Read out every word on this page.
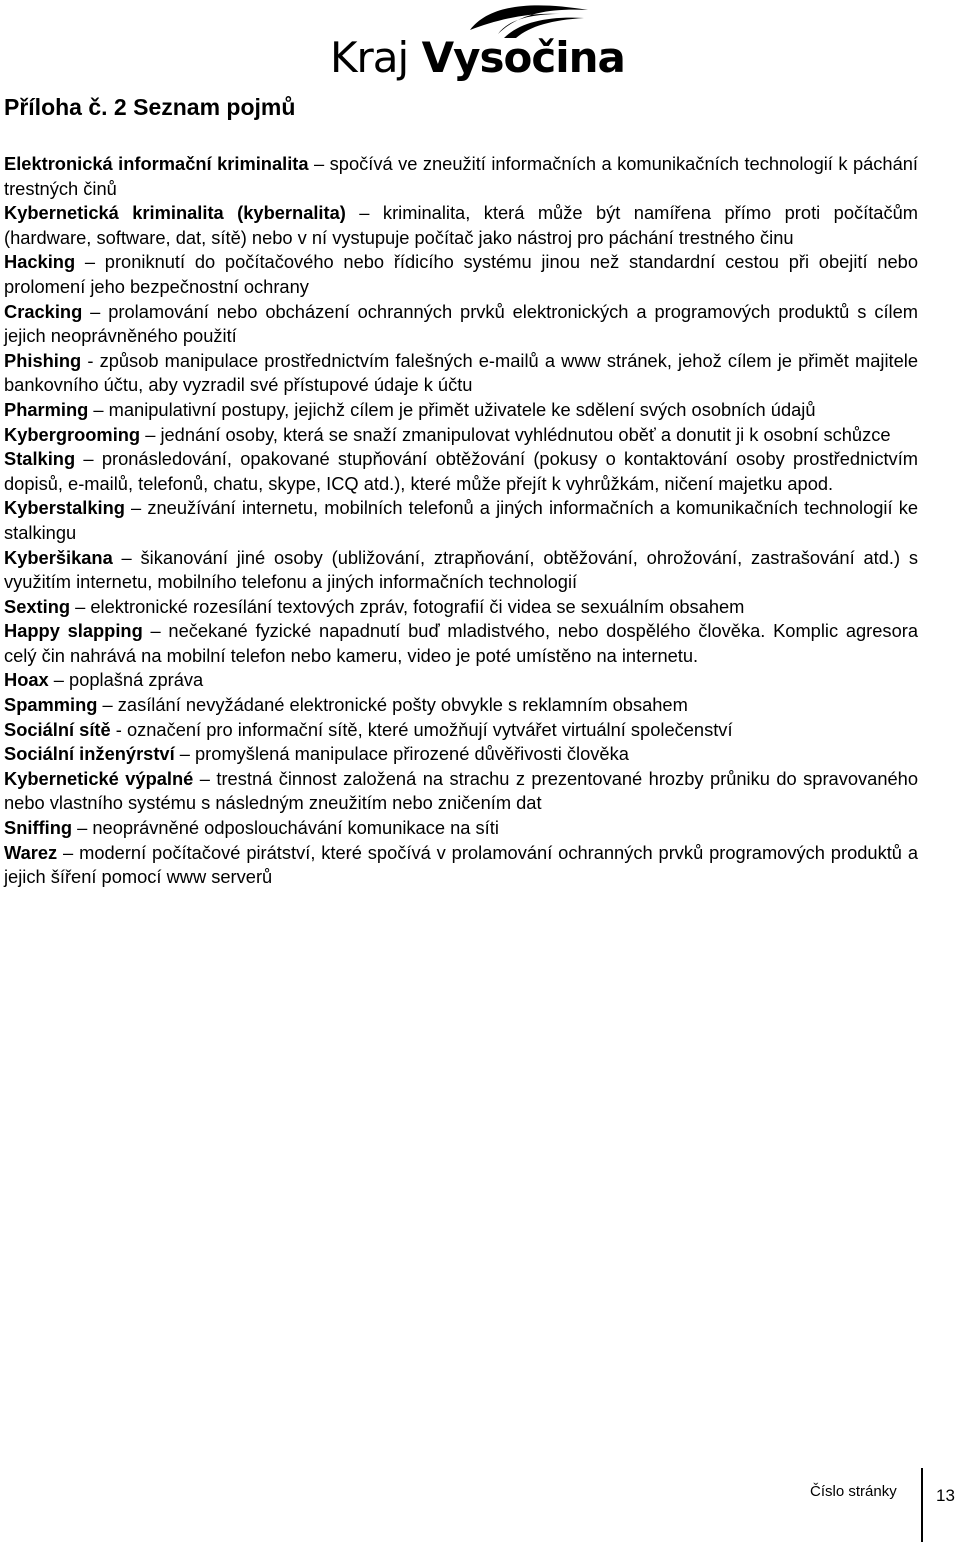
Kraj Vysočina
Příloha č. 2 Seznam pojmů

Elektronická informační kriminalita – spočívá ve zneužití informačních a komunikačních technologií k páchání trestných činů

Kybernetická kriminalita (kybernalita) – kriminalita, která může být namířena přímo proti počítačům (hardware, software, dat, sítě) nebo v ní vystupuje počítač jako nástroj pro páchání trestného činu

Hacking – proniknutí do počítačového nebo řídicího systému jinou než standardní cestou při obejití nebo prolomení jeho bezpečnostní ochrany

Cracking – prolamování nebo obcházení ochranných prvků elektronických a programových produktů s cílem jejich neoprávněného použití

Phishing - způsob manipulace prostřednictvím falešných e-mailů a www stránek, jehož cílem je přimět majitele bankovního účtu, aby vyzradil své přístupové údaje k účtu

Pharming – manipulativní postupy, jejichž cílem je přimět uživatele ke sdělení svých osobních údajů

Kybergrooming – jednání osoby, která se snaží zmanipulovat vyhlédnutou oběť a donutit ji k osobní schůzce

Stalking – pronásledování, opakované stupňování obtěžování (pokusy o kontaktování osoby prostřednictvím dopisů, e-mailů, telefonů, chatu, skype, ICQ atd.), které může přejít k vyhrůžkám, ničení majetku apod.

Kyberstalking – zneužívání internetu, mobilních telefonů a jiných informačních a komunikačních technologií ke stalkingu

Kyberšikana – šikanování jiné osoby (ubližování, ztrapňování, obtěžování, ohrožování, zastrašování atd.) s využitím internetu, mobilního telefonu a jiných informačních technologií

Sexting – elektronické rozesílání textových zpráv, fotografií či videa se sexuálním obsahem

Happy slapping – nečekané fyzické napadnutí buď mladistvého, nebo dospělého člověka. Komplic agresora celý čin nahrává na mobilní telefon nebo kameru, video je poté umístěno na internetu.

Hoax – poplašná zpráva

Spamming – zasílání nevyžádané elektronické pošty obvykle s reklamním obsahem

Sociální sítě - označení pro informační sítě, které umožňují vytvářet virtuální společenství

Sociální inženýrství – promyšlená manipulace přirozené důvěřivosti člověka

Kybernetické výpalné – trestná činnost založená na strachu z prezentované hrozby průniku do spravovaného nebo vlastního systému s následným zneužitím nebo zničením dat

Sniffing – neoprávněné odposlouchávání komunikace na síti

Warez – moderní počítačové pirátství, které spočívá v prolamování ochranných prvků programových produktů a jejich šíření pomocí www serverů

Číslo stránky 13
